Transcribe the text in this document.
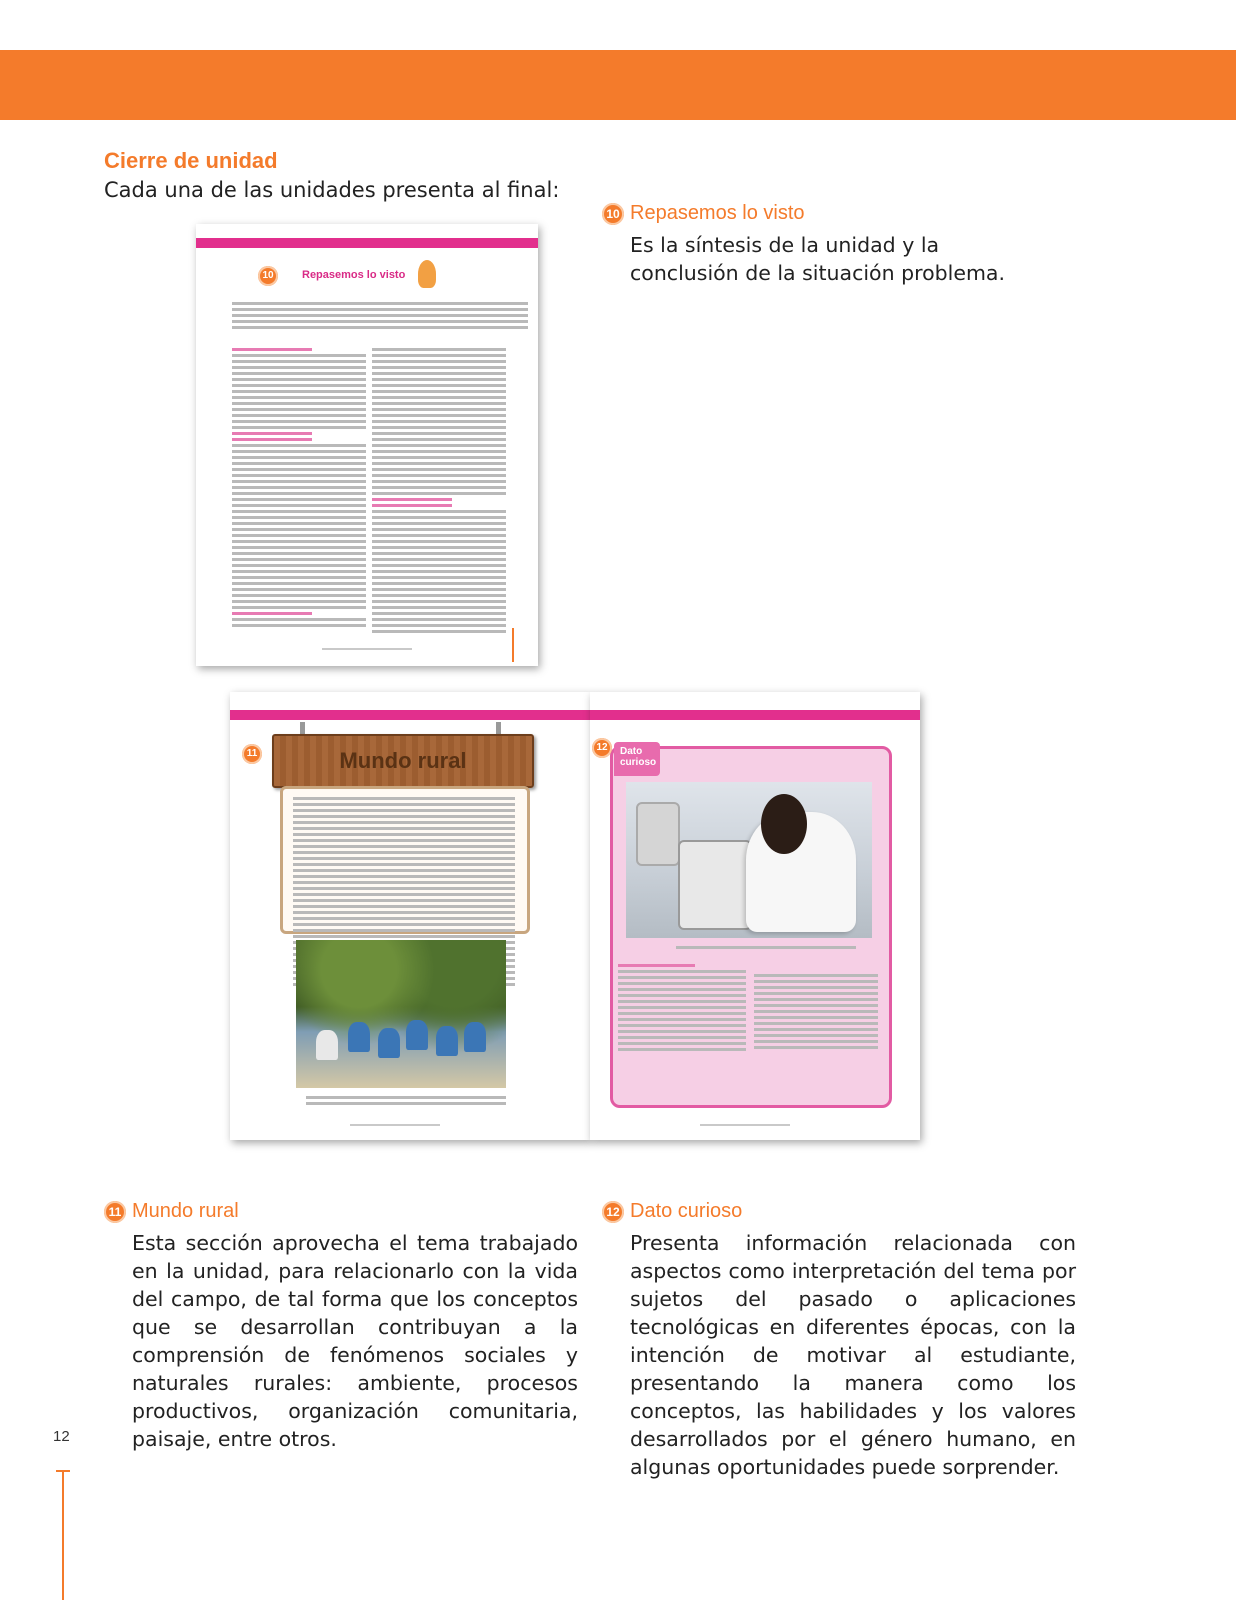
Cierre de unidad
Cada una de las unidades presenta al final:
10 Repasemos lo visto
Es la síntesis de la unidad y la conclusión de la situación problema.
10	Repasemos lo visto
11	Mundo rural
12	Dato curioso
11 Mundo rural
Esta sección aprovecha el tema trabajado en la unidad, para relacionarlo con la vida del campo, de tal forma que los conceptos que se desarrollan contribuyan a la comprensión de fenómenos sociales y naturales rurales: ambiente, procesos productivos, organización comunitaria, paisaje, entre otros.
12 Dato curioso
Presenta información relacionada con aspectos como interpretación del tema por sujetos del pasado o aplicaciones tecnológicas en diferentes épocas, con la intención de motivar al estudiante, presentando la manera como los conceptos, las habilidades y los valores desarrollados por el género humano, en algunas oportunidades puede sorprender.
12
